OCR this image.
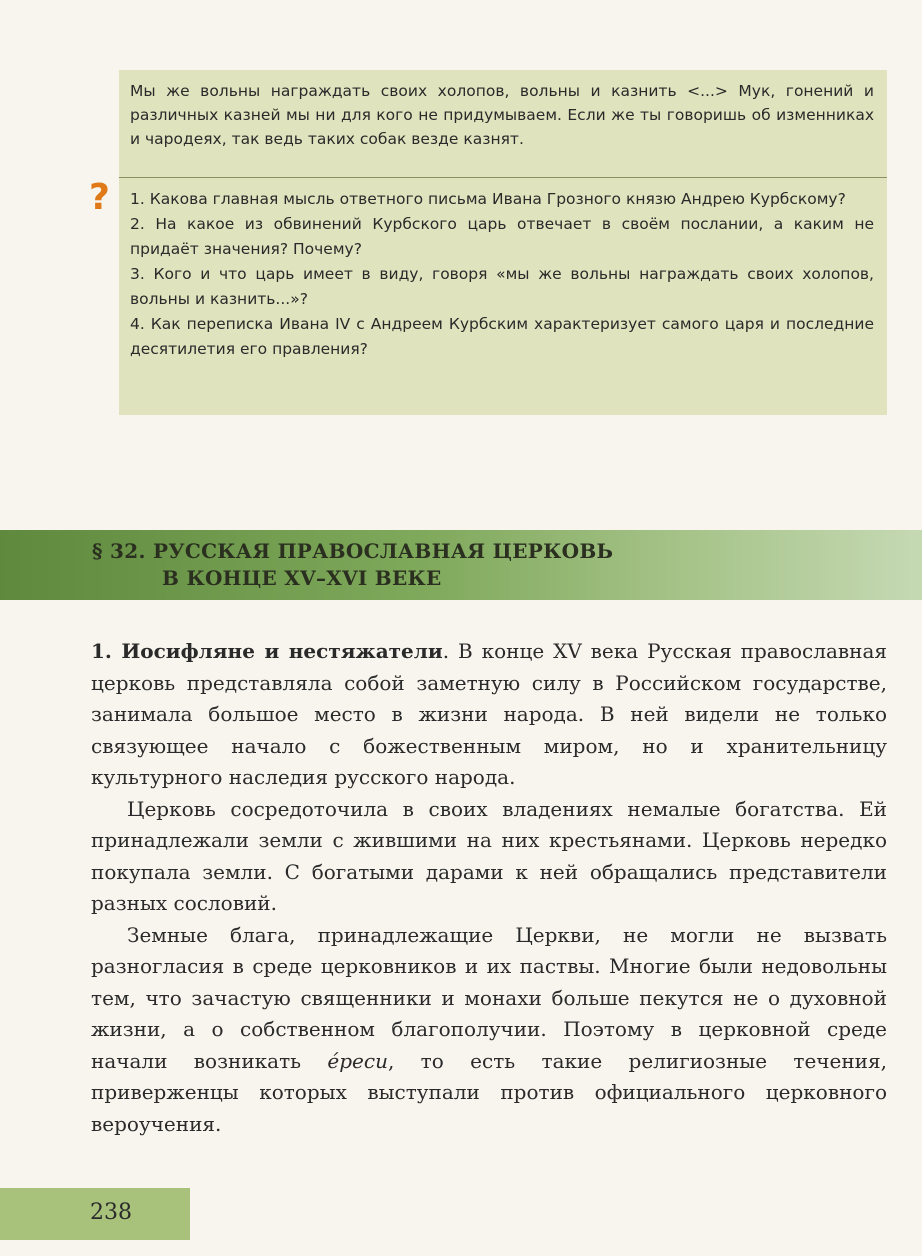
Мы же вольны награждать своих холопов, вольны и казнить <...> Мук, гонений и различных казней мы ни для кого не придумываем. Если же ты говоришь об изменниках и чародеях, так ведь таких собак везде казнят.

? 1. Какова главная мысль ответного письма Ивана Грозного князю Андрею Курбскому?
2. На какое из обвинений Курбского царь отвечает в своём послании, а каким не придаёт значения? Почему?
3. Кого и что царь имеет в виду, говоря «мы же вольны награждать своих холопов, вольны и казнить...»?
4. Как переписка Ивана IV с Андреем Курбским характеризует самого царя и последние десятилетия его правления?
§ 32. РУССКАЯ ПРАВОСЛАВНАЯ ЦЕРКОВЬ
В КОНЦЕ XV–XVI ВЕКЕ

1. Иосифляне и нестяжатели. В конце XV века Русская православная церковь представляла собой заметную силу в Российском государстве, занимала большое место в жизни народа. В ней видели не только связующее начало с божественным миром, но и хранительницу культурного наследия русского народа.

Церковь сосредоточила в своих владениях немалые богатства. Ей принадлежали земли с жившими на них крестьянами. Церковь нередко покупала земли. С богатыми дарами к ней обращались представители разных сословий.

Земные блага, принадлежащие Церкви, не могли не вызвать разногласия в среде церковников и их паствы. Многие были недовольны тем, что зачастую священники и монахи больше пекутся не о духовной жизни, а о собственном благополучии. Поэтому в церковной среде начали возникать éреси, то есть такие религиозные течения, приверженцы которых выступали против официального церковного вероучения.

238
